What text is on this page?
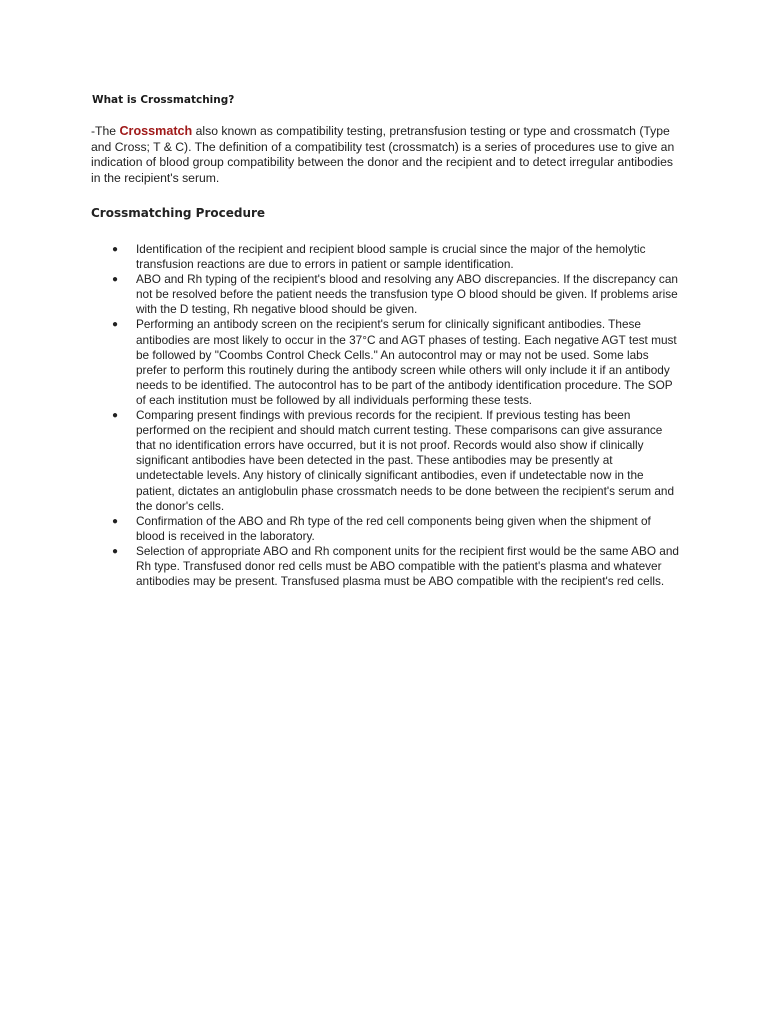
What is Crossmatching?

-The Crossmatch also known as compatibility testing, pretransfusion testing or type and crossmatch (Type and Cross; T & C). The definition of a compatibility test (crossmatch) is a series of procedures use to give an indication of blood group compatibility between the donor and the recipient and to detect irregular antibodies in the recipient's serum.

Crossmatching Procedure
● Identification of the recipient and recipient blood sample is crucial since the major of the hemolytic transfusion reactions are due to errors in patient or sample identification.
● ABO and Rh typing of the recipient's blood and resolving any ABO discrepancies. If the discrepancy can not be resolved before the patient needs the transfusion type O blood should be given. If problems arise with the D testing, Rh negative blood should be given.
● Performing an antibody screen on the recipient's serum for clinically significant antibodies. These antibodies are most likely to occur in the 37°C and AGT phases of testing. Each negative AGT test must be followed by "Coombs Control Check Cells." An autocontrol may or may not be used. Some labs prefer to perform this routinely during the antibody screen while others will only include it if an antibody needs to be identified. The autocontrol has to be part of the antibody identification procedure. The SOP of each institution must be followed by all individuals performing these tests.
● Comparing present findings with previous records for the recipient. If previous testing has been performed on the recipient and should match current testing. These comparisons can give assurance that no identification errors have occurred, but it is not proof. Records would also show if clinically significant antibodies have been detected in the past. These antibodies may be presently at undetectable levels. Any history of clinically significant antibodies, even if undetectable now in the patient, dictates an antiglobulin phase crossmatch needs to be done between the recipient's serum and the donor's cells.
● Confirmation of the ABO and Rh type of the red cell components being given when the shipment of blood is received in the laboratory.
● Selection of appropriate ABO and Rh component units for the recipient first would be the same ABO and Rh type. Transfused donor red cells must be ABO compatible with the patient's plasma and whatever antibodies may be present. Transfused plasma must be ABO compatible with the recipient's red cells.
